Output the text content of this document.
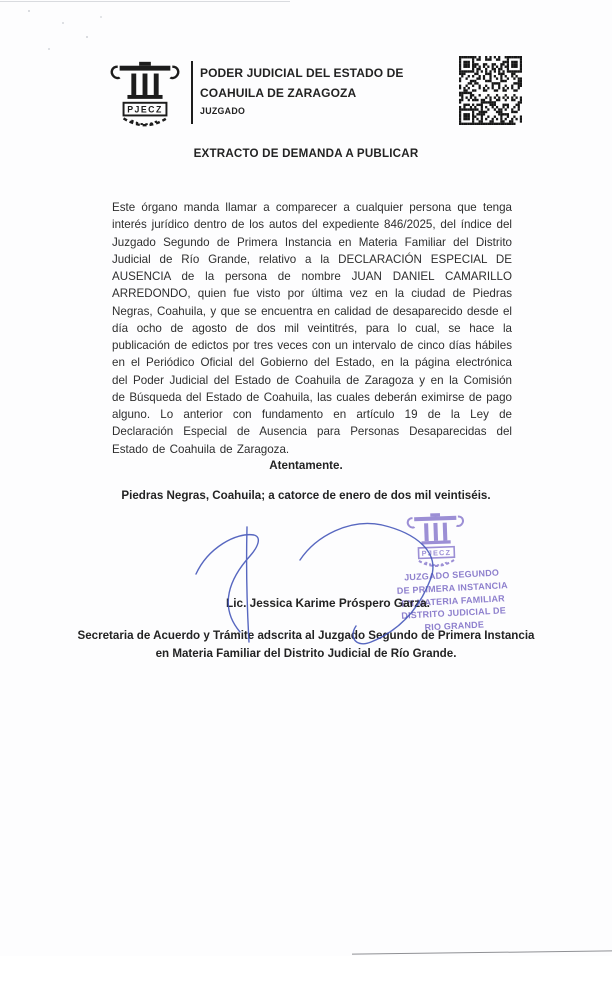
PJECZ
PODER JUDICIAL DEL ESTADO DE
COAHUILA DE ZARAGOZA
JUZGADO
EXTRACTO DE DEMANDA A PUBLICAR
Este órgano manda llamar a comparecer a cualquier persona que tenga interés jurídico dentro de los autos del expediente 846/2025, del índice del Juzgado Segundo de Primera Instancia en Materia Familiar del Distrito Judicial de Río Grande, relativo a la DECLARACIÓN ESPECIAL DE AUSENCIA de la persona de nombre JUAN DANIEL CAMARILLO ARREDONDO, quien fue visto por última vez en la ciudad de Piedras Negras, Coahuila, y que se encuentra en calidad de desaparecido desde el día ocho de agosto de dos mil veintitrés, para lo cual, se hace la publicación de edictos por tres veces con un intervalo de cinco días hábiles en el Periódico Oficial del Gobierno del Estado, en la página electrónica del Poder Judicial del Estado de Coahuila de Zaragoza y en la Comisión de Búsqueda del Estado de Coahuila, las cuales deberán eximirse de pago alguno. Lo anterior con fundamento en artículo 19 de la Ley de Declaración Especial de Ausencia para Personas Desaparecidas del Estado de Coahuila de Zaragoza.
Atentamente.
Piedras Negras, Coahuila; a catorce de enero de dos mil veintiséis.
PJECZ
JUZGADO SEGUNDO
DE PRIMERA INSTANCIA
EN MATERIA FAMILIAR
DISTRITO JUDICIAL DE
RIO GRANDE
Lic. Jessica Karime Próspero Garza.
Secretaria de Acuerdo y Trámite adscrita al Juzgado Segundo de Primera Instancia en Materia Familiar del Distrito Judicial de Río Grande.
